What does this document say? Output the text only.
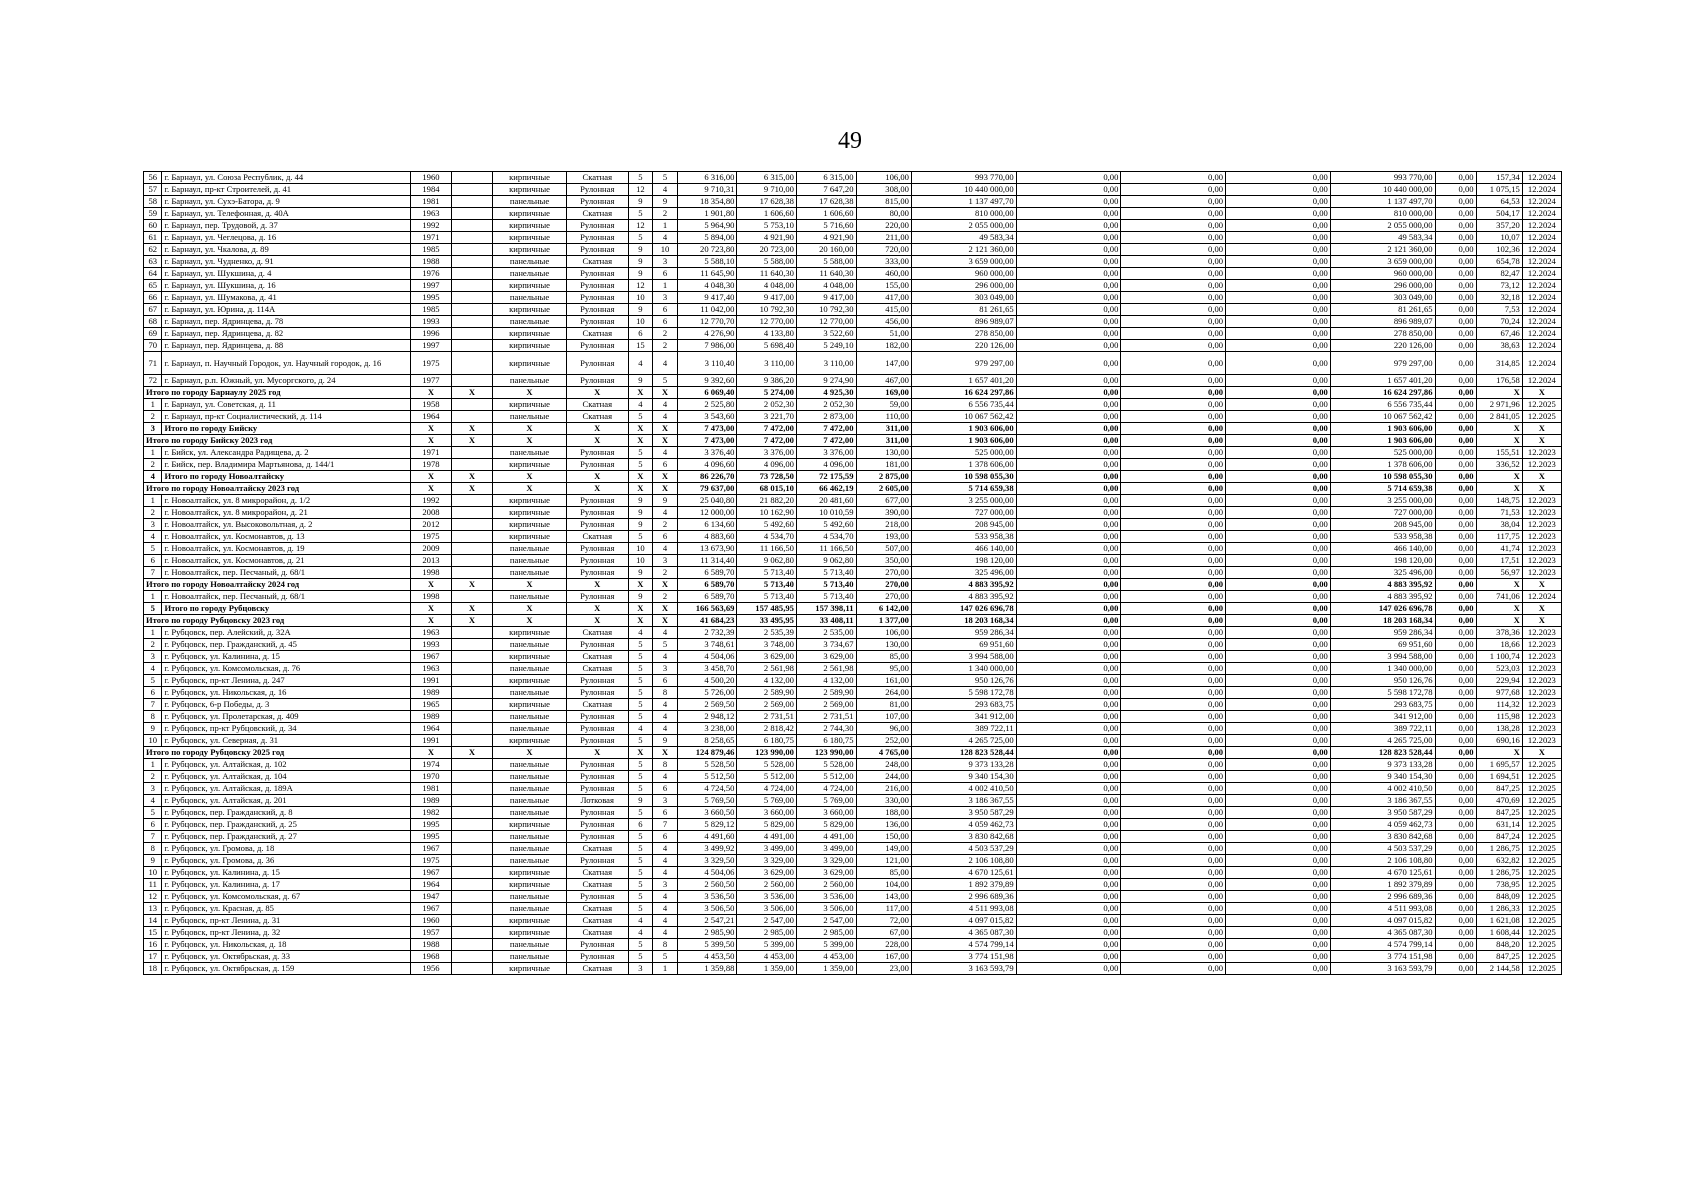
49
56	г. Барнаул, ул. Союза Республик, д. 44	1960		кирпичные	Скатная	5	5	6 316,00	6 315,00	6 315,00	106,00	993 770,00	0,00	0,00	0,00	993 770,00	0,00	157,34	12.2024
57	г. Барнаул, пр-кт Строителей, д. 41	1984		кирпичные	Рулонная	12	4	9 710,31	9 710,00	7 647,20	308,00	10 440 000,00	0,00	0,00	0,00	10 440 000,00	0,00	1 075,15	12.2024
58	г. Барнаул, ул. Сухэ-Батора, д. 9	1981		панельные	Рулонная	9	9	18 354,80	17 628,38	17 628,38	815,00	1 137 497,70	0,00	0,00	0,00	1 137 497,70	0,00	64,53	12.2024
59	г. Барнаул, ул. Телефонная, д. 40А	1963		кирпичные	Скатная	5	2	1 901,80	1 606,60	1 606,60	80,00	810 000,00	0,00	0,00	0,00	810 000,00	0,00	504,17	12.2024
60	г. Барнаул, пер. Трудовой, д. 37	1992		кирпичные	Рулонная	12	1	5 964,90	5 753,10	5 716,60	220,00	2 055 000,00	0,00	0,00	0,00	2 055 000,00	0,00	357,20	12.2024
61	г. Барнаул, ул. Чеглецова, д. 16	1971		кирпичные	Рулонная	5	4	5 894,00	4 921,90	4 921,90	211,00	49 583,34	0,00	0,00	0,00	49 583,34	0,00	10,07	12.2024
62	г. Барнаул, ул. Чкалова, д. 89	1985		кирпичные	Рулонная	9	10	20 723,80	20 723,00	20 160,00	720,00	2 121 360,00	0,00	0,00	0,00	2 121 360,00	0,00	102,36	12.2024
63	г. Барнаул, ул. Чудненко, д. 91	1988		панельные	Скатная	9	3	5 588,10	5 588,00	5 588,00	333,00	3 659 000,00	0,00	0,00	0,00	3 659 000,00	0,00	654,78	12.2024
64	г. Барнаул, ул. Шукшина, д. 4	1976		панельные	Рулонная	9	6	11 645,90	11 640,30	11 640,30	460,00	960 000,00	0,00	0,00	0,00	960 000,00	0,00	82,47	12.2024
65	г. Барнаул, ул. Шукшина, д. 16	1997		кирпичные	Рулонная	12	1	4 048,30	4 048,00	4 048,00	155,00	296 000,00	0,00	0,00	0,00	296 000,00	0,00	73,12	12.2024
66	г. Барнаул, ул. Шумакова, д. 41	1995		панельные	Рулонная	10	3	9 417,40	9 417,00	9 417,00	417,00	303 049,00	0,00	0,00	0,00	303 049,00	0,00	32,18	12.2024
67	г. Барнаул, ул. Юрина, д. 114А	1985		кирпичные	Рулонная	9	6	11 042,00	10 792,30	10 792,30	415,00	81 261,65	0,00	0,00	0,00	81 261,65	0,00	7,53	12.2024
68	г. Барнаул, пер. Ядринцева, д. 78	1993		панельные	Рулонная	10	6	12 770,70	12 770,00	12 770,00	456,00	896 989,07	0,00	0,00	0,00	896 989,07	0,00	70,24	12.2024
69	г. Барнаул, пер. Ядринцева, д. 82	1996		кирпичные	Скатная	6	2	4 276,90	4 133,80	3 522,60	51,00	278 850,00	0,00	0,00	0,00	278 850,00	0,00	67,46	12.2024
70	г. Барнаул, пер. Ядринцева, д. 88	1997		кирпичные	Рулонная	15	2	7 986,00	5 698,40	5 249,10	182,00	220 126,00	0,00	0,00	0,00	220 126,00	0,00	38,63	12.2024
71	г. Барнаул, п. Научный Городок, ул. Научный городок, д. 16	1975		кирпичные	Рулонная	4	4	3 110,40	3 110,00	3 110,00	147,00	979 297,00	0,00	0,00	0,00	979 297,00	0,00	314,85	12.2024
72	г. Барнаул, р.п. Южный, ул. Мусоргского, д. 24	1977		панельные	Рулонная	9	5	9 392,60	9 386,20	9 274,90	467,00	1 657 401,20	0,00	0,00	0,00	1 657 401,20	0,00	176,58	12.2024
Итого по городу Барнаулу 2025 год		X	X	X	X	X	X	6 069,40	5 274,00	4 925,30	169,00	16 624 297,86	0,00	0,00	0,00	16 624 297,86	0,00	X	X
1	г. Барнаул, ул. Советская, д. 11	1958		кирпичные	Скатная	4	4	2 525,80	2 052,30	2 052,30	59,00	6 556 735,44	0,00	0,00	0,00	6 556 735,44	0,00	2 971,96	12.2025
2	г. Барнаул, пр-кт Социалистический, д. 114	1964		панельные	Скатная	5	4	3 543,60	3 221,70	2 873,00	110,00	10 067 562,42	0,00	0,00	0,00	10 067 562,42	0,00	2 841,05	12.2025
3	Итого по городу Бийску	X	X	X	X	X	X	7 473,00	7 472,00	7 472,00	311,00	1 903 606,00	0,00	0,00	0,00	1 903 606,00	0,00	X	X
Итого по городу Бийску 2023 год		X	X	X	X	X	X	7 473,00	7 472,00	7 472,00	311,00	1 903 606,00	0,00	0,00	0,00	1 903 606,00	0,00	X	X
1	г. Бийск, ул. Александра Радищева, д. 2	1971		панельные	Рулонная	5	4	3 376,40	3 376,00	3 376,00	130,00	525 000,00	0,00	0,00	0,00	525 000,00	0,00	155,51	12.2023
2	г. Бийск, пер. Владимира Мартьянова, д. 144/1	1978		кирпичные	Рулонная	5	6	4 096,60	4 096,00	4 096,00	181,00	1 378 606,00	0,00	0,00	0,00	1 378 606,00	0,00	336,52	12.2023
4	Итого по городу Новоалтайску	X	X	X	X	X	X	86 226,70	73 728,50	72 175,59	2 875,00	10 598 055,30	0,00	0,00	0,00	10 598 055,30	0,00	X	X
Итого по городу Новоалтайску 2023 год		X	X	X	X	X	X	79 637,00	68 015,10	66 462,19	2 605,00	5 714 659,38	0,00	0,00	0,00	5 714 659,38	0,00	X	X
1	г. Новоалтайск, ул. 8 микрорайон, д. 1/2	1992		кирпичные	Рулонная	9	9	25 040,80	21 882,20	20 481,60	677,00	3 255 000,00	0,00	0,00	0,00	3 255 000,00	0,00	148,75	12.2023
2	г. Новоалтайск, ул. 8 микрорайон, д. 21	2008		кирпичные	Рулонная	9	4	12 000,00	10 162,90	10 010,59	390,00	727 000,00	0,00	0,00	0,00	727 000,00	0,00	71,53	12.2023
3	г. Новоалтайск, ул. Высоковольтная, д. 2	2012		кирпичные	Рулонная	9	2	6 134,60	5 492,60	5 492,60	218,00	208 945,00	0,00	0,00	0,00	208 945,00	0,00	38,04	12.2023
4	г. Новоалтайск, ул. Космонавтов, д. 13	1975		кирпичные	Скатная	5	6	4 883,60	4 534,70	4 534,70	193,00	533 958,38	0,00	0,00	0,00	533 958,38	0,00	117,75	12.2023
5	г. Новоалтайск, ул. Космонавтов, д. 19	2009		панельные	Рулонная	10	4	13 673,90	11 166,50	11 166,50	507,00	466 140,00	0,00	0,00	0,00	466 140,00	0,00	41,74	12.2023
6	г. Новоалтайск, ул. Космонавтов, д. 21	2013		панельные	Рулонная	10	3	11 314,40	9 062,80	9 062,80	350,00	198 120,00	0,00	0,00	0,00	198 120,00	0,00	17,51	12.2023
7	г. Новоалтайск, пер. Песчаный, д. 68/1	1998		панельные	Рулонная	9	2	6 589,70	5 713,40	5 713,40	270,00	325 496,00	0,00	0,00	0,00	325 496,00	0,00	56,97	12.2023
Итого по городу Новоалтайску 2024 год		X	X	X	X	X	X	6 589,70	5 713,40	5 713,40	270,00	4 883 395,92	0,00	0,00	0,00	4 883 395,92	0,00	X	X
1	г. Новоалтайск, пер. Песчаный, д. 68/1	1998		панельные	Рулонная	9	2	6 589,70	5 713,40	5 713,40	270,00	4 883 395,92	0,00	0,00	0,00	4 883 395,92	0,00	741,06	12.2024
5	Итого по городу Рубцовску	X	X	X	X	X	X	166 563,69	157 485,95	157 398,11	6 142,00	147 026 696,78	0,00	0,00	0,00	147 026 696,78	0,00	X	X
Итого по городу Рубцовску 2023 год		X	X	X	X	X	X	41 684,23	33 495,95	33 408,11	1 377,00	18 203 168,34	0,00	0,00	0,00	18 203 168,34	0,00	X	X
1	г. Рубцовск, пер. Алейский, д. 32А	1963		кирпичные	Скатная	4	4	2 732,39	2 535,39	2 535,00	106,00	959 286,34	0,00	0,00	0,00	959 286,34	0,00	378,36	12.2023
2	г. Рубцовск, пер. Гражданский, д. 45	1993		панельные	Рулонная	5	5	3 748,61	3 748,00	3 734,67	130,00	69 951,60	0,00	0,00	0,00	69 951,60	0,00	18,66	12.2023
3	г. Рубцовск, ул. Калинина, д. 15	1967		кирпичные	Скатная	5	4	4 504,06	3 629,00	3 629,00	85,00	3 994 588,00	0,00	0,00	0,00	3 994 588,00	0,00	1 100,74	12.2023
4	г. Рубцовск, ул. Комсомольская, д. 76	1963		панельные	Скатная	5	3	3 458,70	2 561,98	2 561,98	95,00	1 340 000,00	0,00	0,00	0,00	1 340 000,00	0,00	523,03	12.2023
5	г. Рубцовск, пр-кт Ленина, д. 247	1991		кирпичные	Рулонная	5	6	4 500,20	4 132,00	4 132,00	161,00	950 126,76	0,00	0,00	0,00	950 126,76	0,00	229,94	12.2023
6	г. Рубцовск, ул. Никольская, д. 16	1989		панельные	Рулонная	5	8	5 726,00	2 589,90	2 589,90	264,00	5 598 172,78	0,00	0,00	0,00	5 598 172,78	0,00	977,68	12.2023
7	г. Рубцовск, 6-р Победы, д. 3	1965		кирпичные	Скатная	5	4	2 569,50	2 569,00	2 569,00	81,00	293 683,75	0,00	0,00	0,00	293 683,75	0,00	114,32	12.2023
8	г. Рубцовск, ул. Пролетарская, д. 409	1989		панельные	Рулонная	5	4	2 948,12	2 731,51	2 731,51	107,00	341 912,00	0,00	0,00	0,00	341 912,00	0,00	115,98	12.2023
9	г. Рубцовск, пр-кт Рубцовский, д. 34	1964		панельные	Рулонная	4	4	3 238,00	2 818,42	2 744,30	96,00	389 722,11	0,00	0,00	0,00	389 722,11	0,00	138,28	12.2023
10	г. Рубцовск, ул. Северная, д. 31	1991		кирпичные	Рулонная	5	9	8 258,65	6 180,75	6 180,75	252,00	4 265 725,00	0,00	0,00	0,00	4 265 725,00	0,00	690,16	12.2023
Итого по городу Рубцовску 2025 год		X	X	X	X	X	X	124 879,46	123 990,00	123 990,00	4 765,00	128 823 528,44	0,00	0,00	0,00	128 823 528,44	0,00	X	X
1	г. Рубцовск, ул. Алтайская, д. 102	1974		панельные	Рулонная	5	8	5 528,50	5 528,00	5 528,00	248,00	9 373 133,28	0,00	0,00	0,00	9 373 133,28	0,00	1 695,57	12.2025
2	г. Рубцовск, ул. Алтайская, д. 104	1970		панельные	Рулонная	5	4	5 512,50	5 512,00	5 512,00	244,00	9 340 154,30	0,00	0,00	0,00	9 340 154,30	0,00	1 694,51	12.2025
3	г. Рубцовск, ул. Алтайская, д. 189А	1981		панельные	Рулонная	5	6	4 724,50	4 724,00	4 724,00	216,00	4 002 410,50	0,00	0,00	0,00	4 002 410,50	0,00	847,25	12.2025
4	г. Рубцовск, ул. Алтайская, д. 201	1989		панельные	Лотковая	9	3	5 769,50	5 769,00	5 769,00	330,00	3 186 367,55	0,00	0,00	0,00	3 186 367,55	0,00	470,69	12.2025
5	г. Рубцовск, пер. Гражданский, д. 8	1982		панельные	Рулонная	5	6	3 660,50	3 660,00	3 660,00	188,00	3 950 587,29	0,00	0,00	0,00	3 950 587,29	0,00	847,25	12.2025
6	г. Рубцовск, пер. Гражданский, д. 25	1995		кирпичные	Рулонная	6	7	5 829,12	5 829,00	5 829,00	136,00	4 059 462,73	0,00	0,00	0,00	4 059 462,73	0,00	631,14	12.2025
7	г. Рубцовск, пер. Гражданский, д. 27	1995		панельные	Рулонная	5	6	4 491,60	4 491,00	4 491,00	150,00	3 830 842,68	0,00	0,00	0,00	3 830 842,68	0,00	847,24	12.2025
8	г. Рубцовск, ул. Громова, д. 18	1967		панельные	Скатная	5	4	3 499,92	3 499,00	3 499,00	149,00	4 503 537,29	0,00	0,00	0,00	4 503 537,29	0,00	1 286,75	12.2025
9	г. Рубцовск, ул. Громова, д. 36	1975		панельные	Рулонная	5	4	3 329,50	3 329,00	3 329,00	121,00	2 106 108,80	0,00	0,00	0,00	2 106 108,80	0,00	632,82	12.2025
10	г. Рубцовск, ул. Калинина, д. 15	1967		кирпичные	Скатная	5	4	4 504,06	3 629,00	3 629,00	85,00	4 670 125,61	0,00	0,00	0,00	4 670 125,61	0,00	1 286,75	12.2025
11	г. Рубцовск, ул. Калинина, д. 17	1964		кирпичные	Скатная	5	3	2 560,50	2 560,00	2 560,00	104,00	1 892 379,89	0,00	0,00	0,00	1 892 379,89	0,00	738,95	12.2025
12	г. Рубцовск, ул. Комсомольская, д. 67	1947		панельные	Рулонная	5	4	3 536,50	3 536,00	3 536,00	143,00	2 996 689,36	0,00	0,00	0,00	2 996 689,36	0,00	848,09	12.2025
13	г. Рубцовск, ул. Красная, д. 85	1967		панельные	Скатная	5	4	3 506,50	3 506,00	3 506,00	117,00	4 511 993,08	0,00	0,00	0,00	4 511 993,08	0,00	1 286,33	12.2025
14	г. Рубцовск, пр-кт Ленина, д. 31	1960		кирпичные	Скатная	4	4	2 547,21	2 547,00	2 547,00	72,00	4 097 015,82	0,00	0,00	0,00	4 097 015,82	0,00	1 621,08	12.2025
15	г. Рубцовск, пр-кт Ленина, д. 32	1957		кирпичные	Скатная	4	4	2 985,90	2 985,00	2 985,00	67,00	4 365 087,30	0,00	0,00	0,00	4 365 087,30	0,00	1 608,44	12.2025
16	г. Рубцовск, ул. Никольская, д. 18	1988		панельные	Рулонная	5	8	5 399,50	5 399,00	5 399,00	228,00	4 574 799,14	0,00	0,00	0,00	4 574 799,14	0,00	848,20	12.2025
17	г. Рубцовск, ул. Октябрьская, д. 33	1968		панельные	Рулонная	5	5	4 453,50	4 453,00	4 453,00	167,00	3 774 151,98	0,00	0,00	0,00	3 774 151,98	0,00	847,25	12.2025
18	г. Рубцовск, ул. Октябрьская, д. 159	1956		кирпичные	Скатная	3	1	1 359,88	1 359,00	1 359,00	23,00	3 163 593,79	0,00	0,00	0,00	3 163 593,79	0,00	2 144,58	12.2025
